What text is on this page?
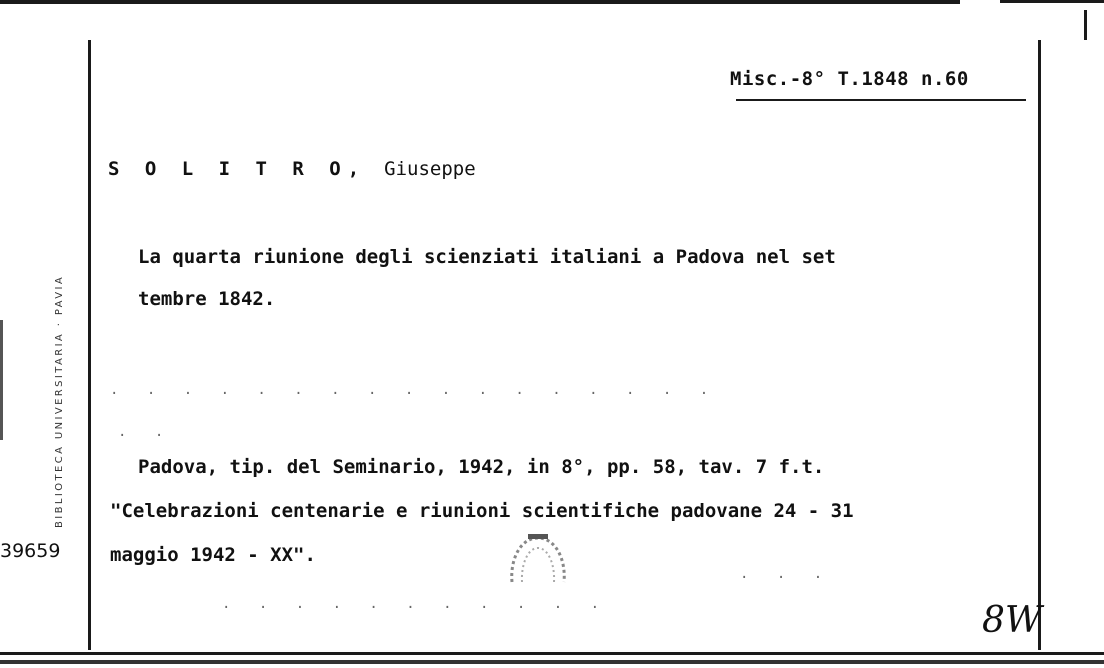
Misc.-8° T.1848 n.60
BIBLIOTECA UNIVERSITARIA · PAVIA
39659
S O L I T R O, Giuseppe
La quarta riunione degli scienziati italiani a Padova nel set
tembre 1842.
· · · · · · · · · · · · · · · · ·
· ·
Padova, tip. del Seminario, 1942, in 8°, pp. 58, tav. 7 f.t.
"Celebrazioni centenarie e riunioni scientifiche padovane 24 - 31
maggio 1942 - XX".
· · · · · · · · · · ·
· · ·
8W
